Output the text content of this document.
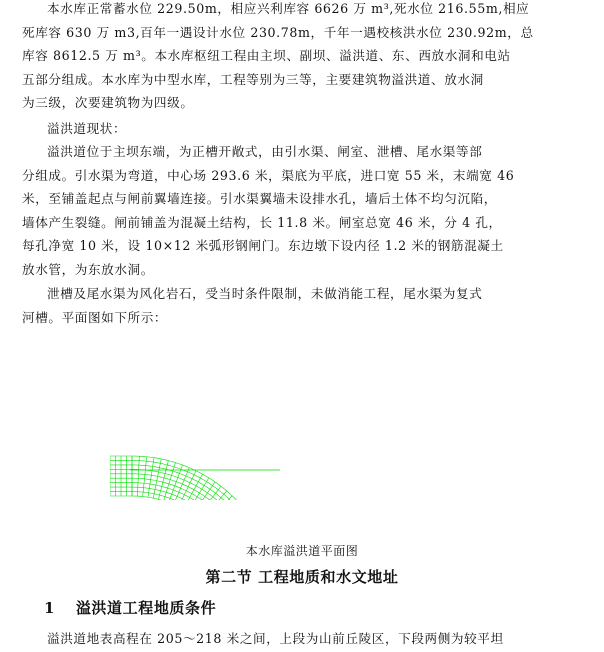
本水库正常蓄水位 229.50m，相应兴利库容 6626 万 m³,死水位 216.55m,相应
死库容 630 万 m3,百年一遇设计水位 230.78m，千年一遇校核洪水位 230.92m，总
库容 8612.5 万 m³。本水库枢纽工程由主坝、副坝、溢洪道、东、西放水洞和电站
五部分组成。本水库为中型水库，工程等别为三等，主要建筑物溢洪道、放水洞
为三级，次要建筑物为四级。

溢洪道现状：

溢洪道位于主坝东端，为正槽开敞式，由引水渠、闸室、泄槽、尾水渠等部
分组成。引水渠为弯道，中心场 293.6 米，渠底为平底，进口宽 55 米，末端宽 46
米，至铺盖起点与闸前翼墙连接。引水渠翼墙未设排水孔，墙后土体不均匀沉陷，
墙体产生裂缝。闸前铺盖为混凝土结构，长 11.8 米。闸室总宽 46 米，分 4 孔，
每孔净宽 10 米，设 10×12 米弧形钢闸门。东边墩下设内径 1.2 米的钢筋混凝土
放水管，为东放水洞。

泄槽及尾水渠为风化岩石，受当时条件限制，未做消能工程，尾水渠为复式
河槽。平面图如下所示：

本水库溢洪道平面图
第二节 工程地质和水文地址
1 溢洪道工程地质条件

溢洪道地表高程在 205～218 米之间，上段为山前丘陵区，下段两侧为较平坦
